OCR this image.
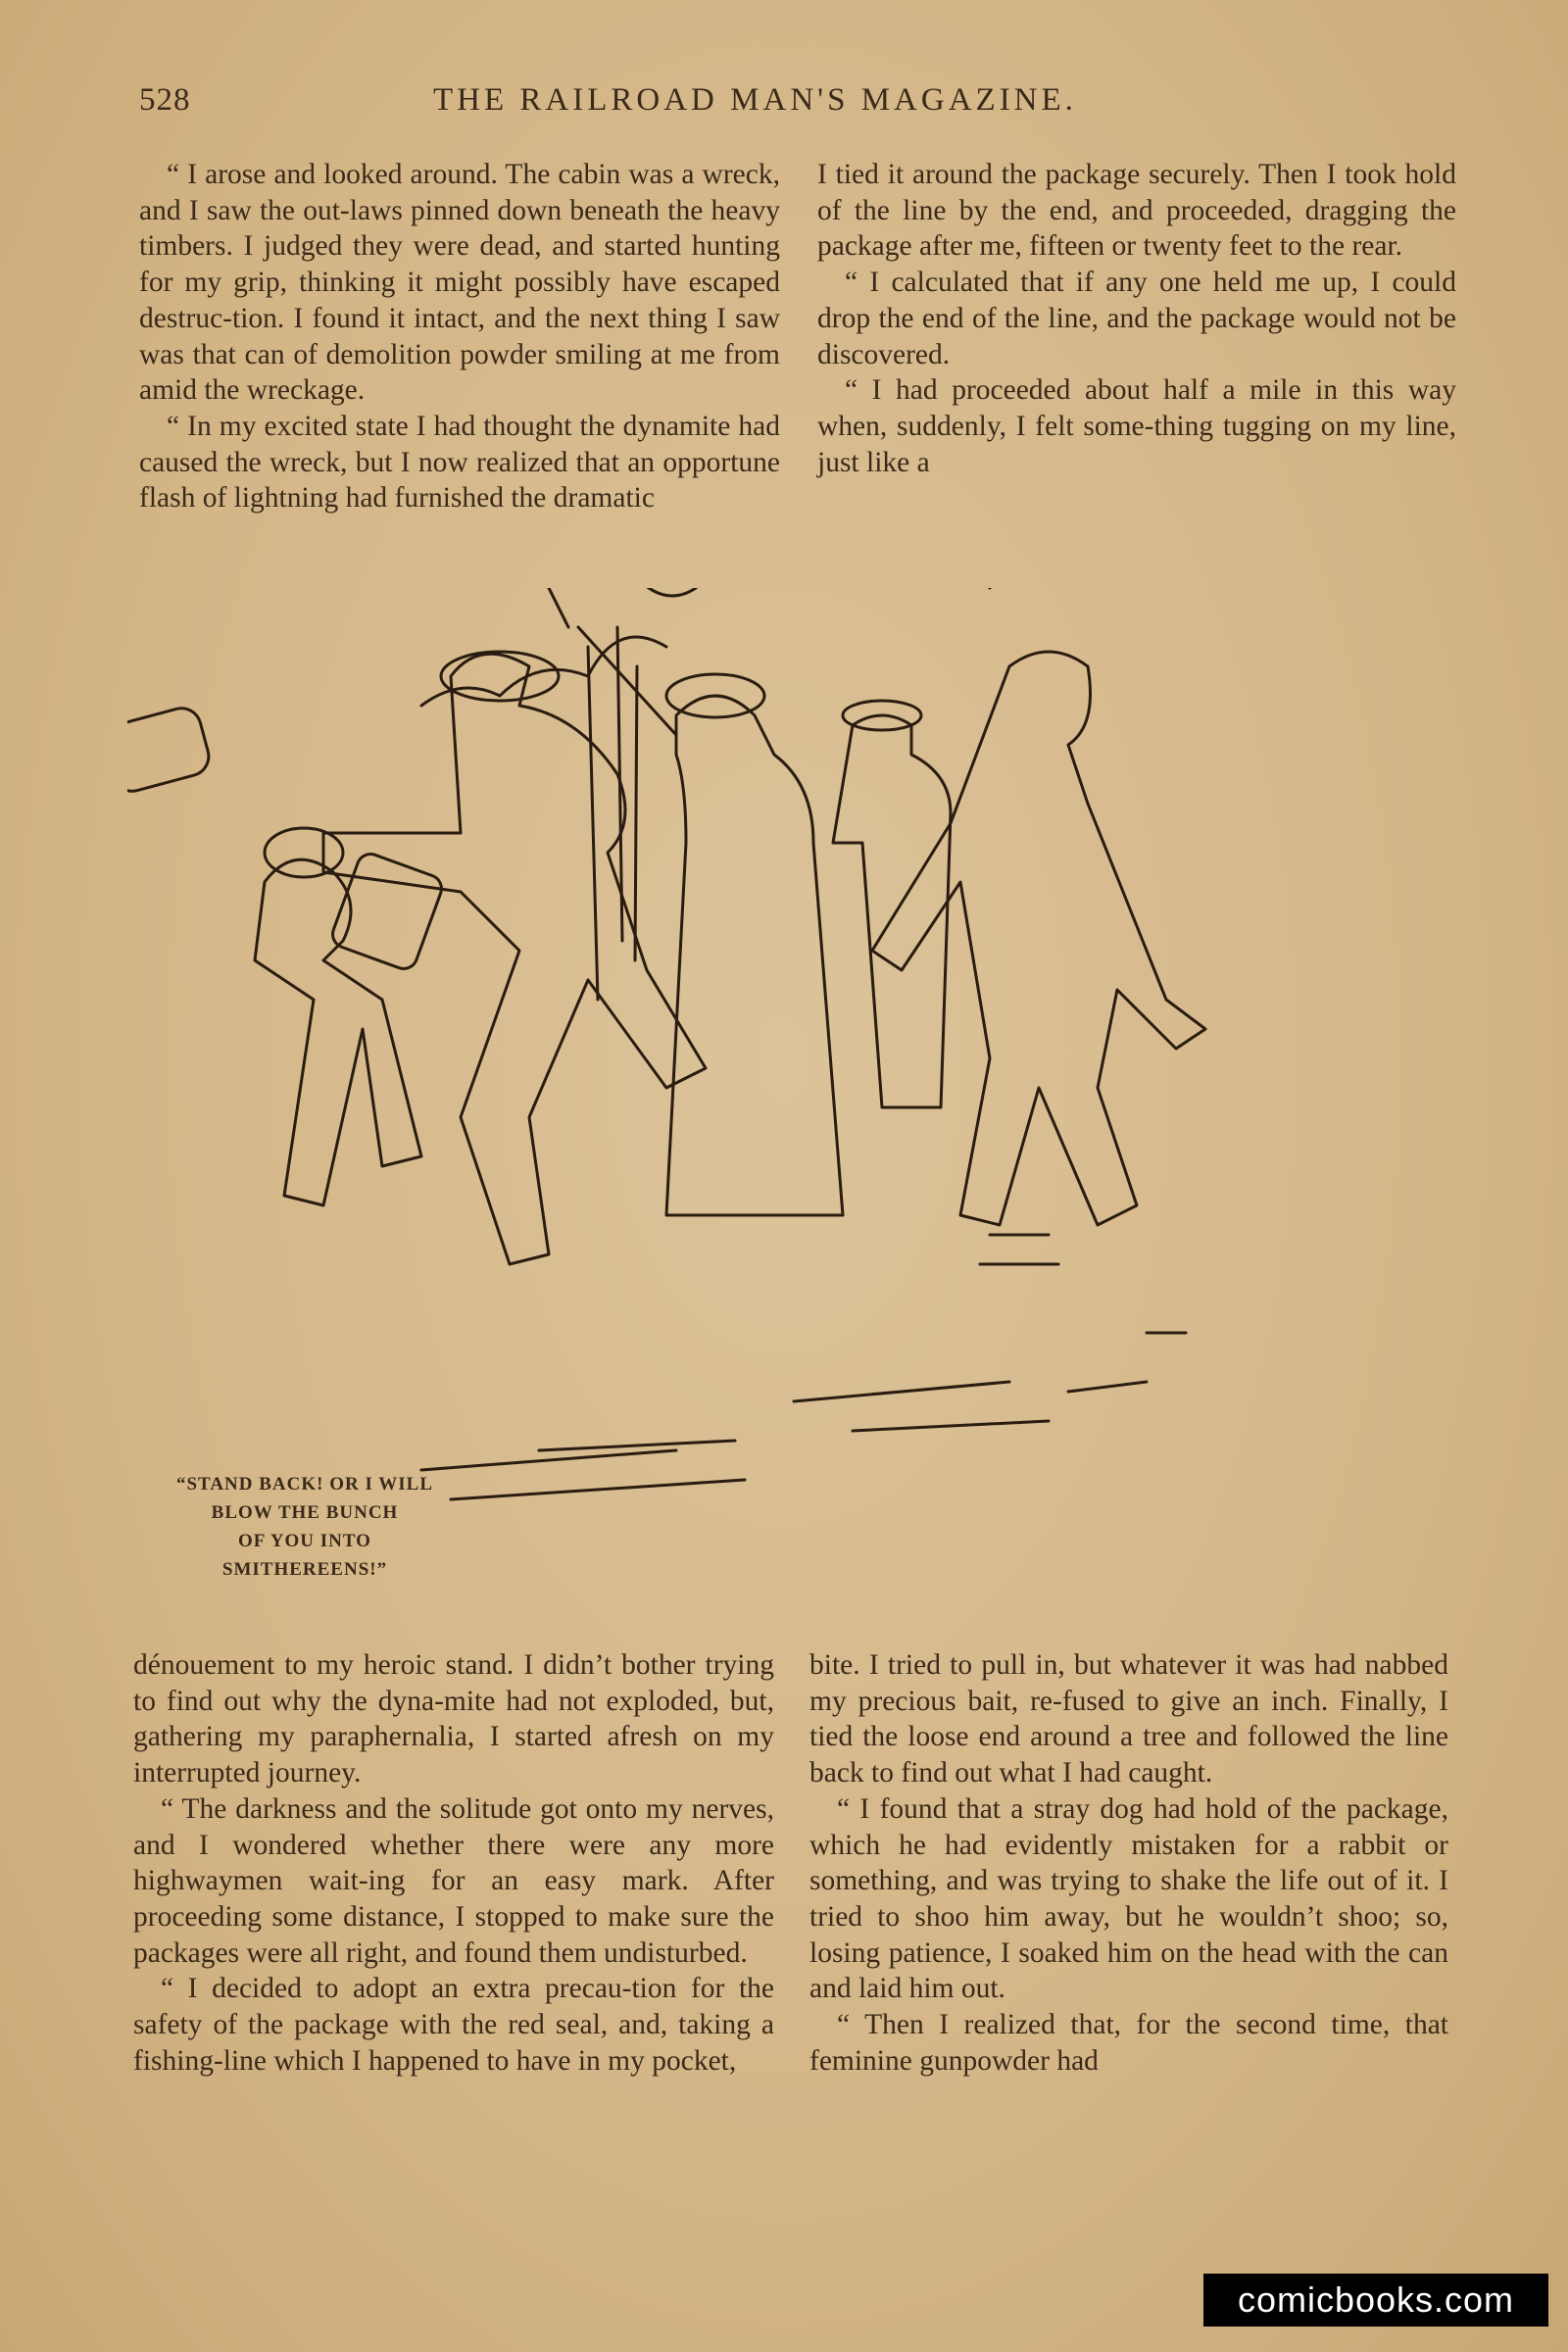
528	THE RAILROAD MAN'S MAGAZINE.

“ I arose and looked around. The cabin was a wreck, and I saw the out-laws pinned down beneath the heavy timbers. I judged they were dead, and started hunting for my grip, thinking it might possibly have escaped destruc-tion. I found it intact, and the next thing I saw was that can of demolition powder smiling at me from amid the wreckage.

“ In my excited state I had thought the dynamite had caused the wreck, but I now realized that an opportune flash of lightning had furnished the dramatic

I tied it around the package securely. Then I took hold of the line by the end, and proceeded, dragging the package after me, fifteen or twenty feet to the rear.

“ I calculated that if any one held me up, I could drop the end of the line, and the package would not be discovered.

“ I had proceeded about half a mile in this way when, suddenly, I felt some-thing tugging on my line, just like a

“STAND BACK! OR I WILL
BLOW THE BUNCH
OF YOU INTO
SMITHEREENS!”

dénouement to my heroic stand. I didn’t bother trying to find out why the dyna-mite had not exploded, but, gathering my paraphernalia, I started afresh on my interrupted journey.

“ The darkness and the solitude got onto my nerves, and I wondered whether there were any more highwaymen wait-ing for an easy mark. After proceeding some distance, I stopped to make sure the packages were all right, and found them undisturbed.

“ I decided to adopt an extra precau-tion for the safety of the package with the red seal, and, taking a fishing-line which I happened to have in my pocket,

bite. I tried to pull in, but whatever it was had nabbed my precious bait, re-fused to give an inch. Finally, I tied the loose end around a tree and followed the line back to find out what I had caught.

“ I found that a stray dog had hold of the package, which he had evidently mistaken for a rabbit or something, and was trying to shake the life out of it. I tried to shoo him away, but he wouldn’t shoo; so, losing patience, I soaked him on the head with the can and laid him out.

“ Then I realized that, for the second time, that feminine gunpowder had

comicbooks.com
